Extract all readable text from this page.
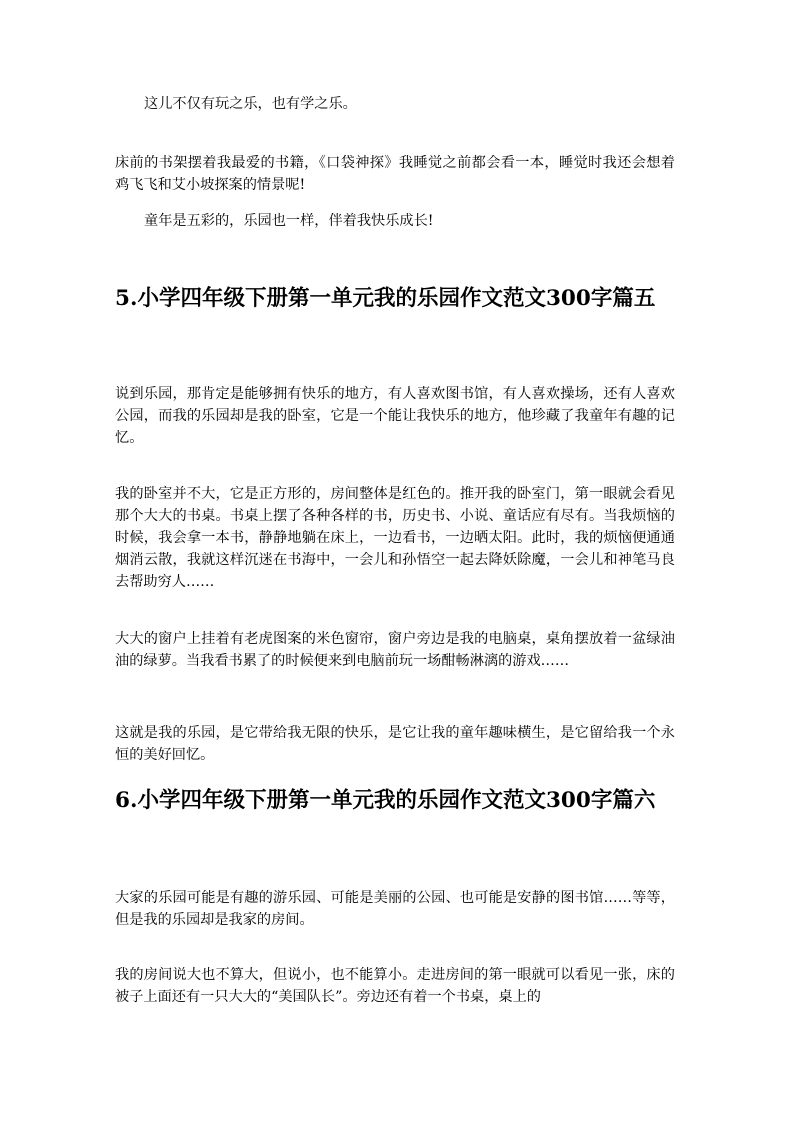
这儿不仅有玩之乐，也有学之乐。

床前的书架摆着我最爱的书籍，《口袋神探》我睡觉之前都会看一本，睡觉时我还会想着鸡飞飞和艾小坡探案的情景呢!

童年是五彩的，乐园也一样，伴着我快乐成长!

5.小学四年级下册第一单元我的乐园作文范文300字篇五

说到乐园，那肯定是能够拥有快乐的地方，有人喜欢图书馆，有人喜欢操场，还有人喜欢公园，而我的乐园却是我的卧室，它是一个能让我快乐的地方，他珍藏了我童年有趣的记忆。

我的卧室并不大，它是正方形的，房间整体是红色的。推开我的卧室门，第一眼就会看见那个大大的书桌。书桌上摆了各种各样的书，历史书、小说、童话应有尽有。当我烦恼的时候，我会拿一本书，静静地躺在床上，一边看书，一边晒太阳。此时，我的烦恼便通通烟消云散，我就这样沉迷在书海中，一会儿和孙悟空一起去降妖除魔，一会儿和神笔马良去帮助穷人……

大大的窗户上挂着有老虎图案的米色窗帘，窗户旁边是我的电脑桌，桌角摆放着一盆绿油油的绿萝。当我看书累了的时候便来到电脑前玩一场酣畅淋漓的游戏……

这就是我的乐园，是它带给我无限的快乐，是它让我的童年趣味横生，是它留给我一个永恒的美好回忆。

6.小学四年级下册第一单元我的乐园作文范文300字篇六

大家的乐园可能是有趣的游乐园、可能是美丽的公园、也可能是安静的图书馆……等等，但是我的乐园却是我家的房间。

我的房间说大也不算大，但说小，也不能算小。走进房间的第一眼就可以看见一张，床的被子上面还有一只大大的“美国队长”。旁边还有着一个书桌，桌上的
